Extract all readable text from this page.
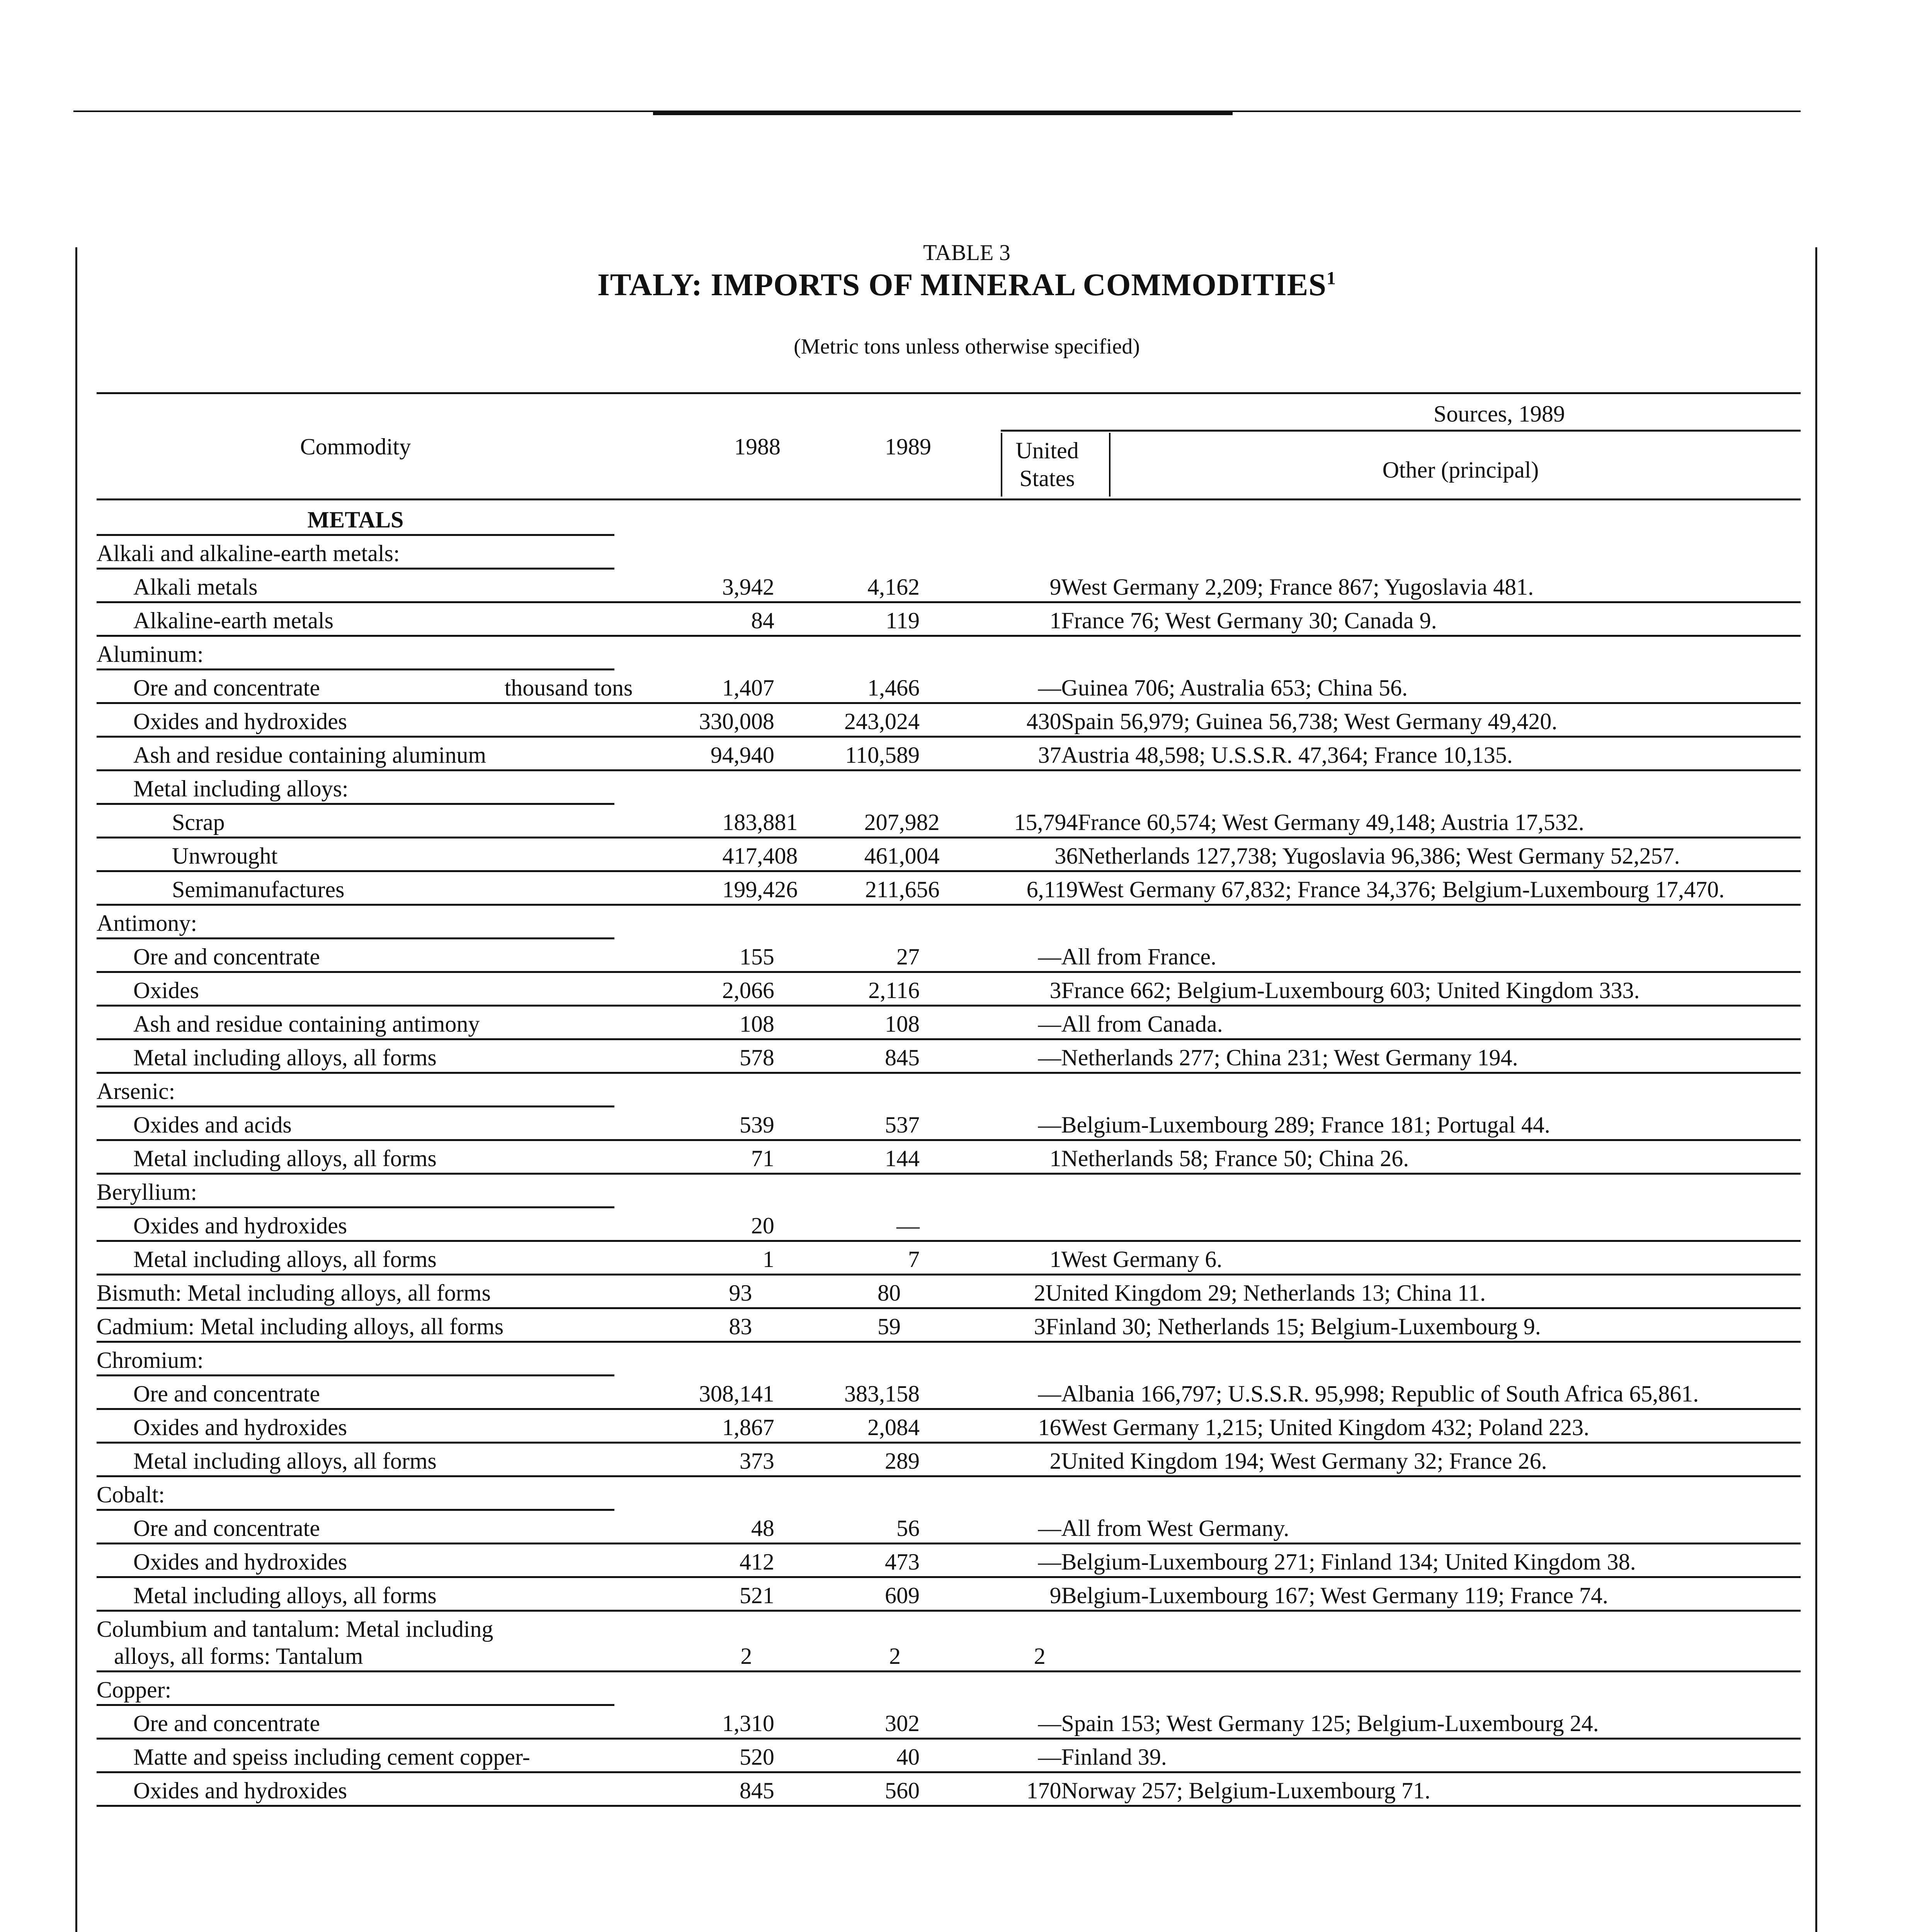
TABLE 3
ITALY: IMPORTS OF MINERAL COMMODITIES$^1$
(Metric tons unless otherwise specified)
Sources, 1989
Commodity	1988	1989	United States	Other (principal)
METALS
Alkali and alkaline-earth metals:
Alkali metals	3,942	4,162	9 West Germany 2,209; France 867; Yugoslavia 481.
Alkaline-earth metals	84	119	1 France 76; West Germany 30; Canada 9.
Aluminum:
Ore and concentrate	thousand tons	1,407	1,466	— Guinea 706; Australia 653; China 56.
Oxides and hydroxides	330,008	243,024	430 Spain 56,979; Guinea 56,738; West Germany 49,420.
Ash and residue containing aluminum	94,940	110,589	37 Austria 48,598; U.S.S.R. 47,364; France 10,135.
Metal including alloys:
Scrap	183,881	207,982	15,794 France 60,574; West Germany 49,148; Austria 17,532.
Unwrought	417,408	461,004	36 Netherlands 127,738; Yugoslavia 96,386; West Germany 52,257.
Semimanufactures	199,426	211,656	6,119 West Germany 67,832; France 34,376; Belgium-Luxembourg 17,470.
Antimony:
Ore and concentrate	155	27	— All from France.
Oxides	2,066	2,116	3 France 662; Belgium-Luxembourg 603; United Kingdom 333.
Ash and residue containing antimony	108	108	— All from Canada.
Metal including alloys, all forms	578	845	— Netherlands 277; China 231; West Germany 194.
Arsenic:
Oxides and acids	539	537	— Belgium-Luxembourg 289; France 181; Portugal 44.
Metal including alloys, all forms	71	144	1 Netherlands 58; France 50; China 26.
Beryllium:
Oxides and hydroxides	20	—
Metal including alloys, all forms	1	7	1 West Germany 6.
Bismuth: Metal including alloys, all forms	93	80	2 United Kingdom 29; Netherlands 13; China 11.
Cadmium: Metal including alloys, all forms	83	59	3 Finland 30; Netherlands 15; Belgium-Luxembourg 9.
Chromium:
Ore and concentrate	308,141	383,158	— Albania 166,797; U.S.S.R. 95,998; Republic of South Africa 65,861.
Oxides and hydroxides	1,867	2,084	16 West Germany 1,215; United Kingdom 432; Poland 223.
Metal including alloys, all forms	373	289	2 United Kingdom 194; West Germany 32; France 26.
Cobalt:
Ore and concentrate	48	56	— All from West Germany.
Oxides and hydroxides	412	473	— Belgium-Luxembourg 271; Finland 134; United Kingdom 38.
Metal including alloys, all forms	521	609	9 Belgium-Luxembourg 167; West Germany 119; France 74.
Columbium and tantalum: Metal including
alloys, all forms: Tantalum	2	2	2
Copper:
Ore and concentrate	1,310	302	— Spain 153; West Germany 125; Belgium-Luxembourg 24.
Matte and speiss including cement copper-	520	40	— Finland 39.
Oxides and hydroxides	845	560	170 Norway 257; Belgium-Luxembourg 71.
